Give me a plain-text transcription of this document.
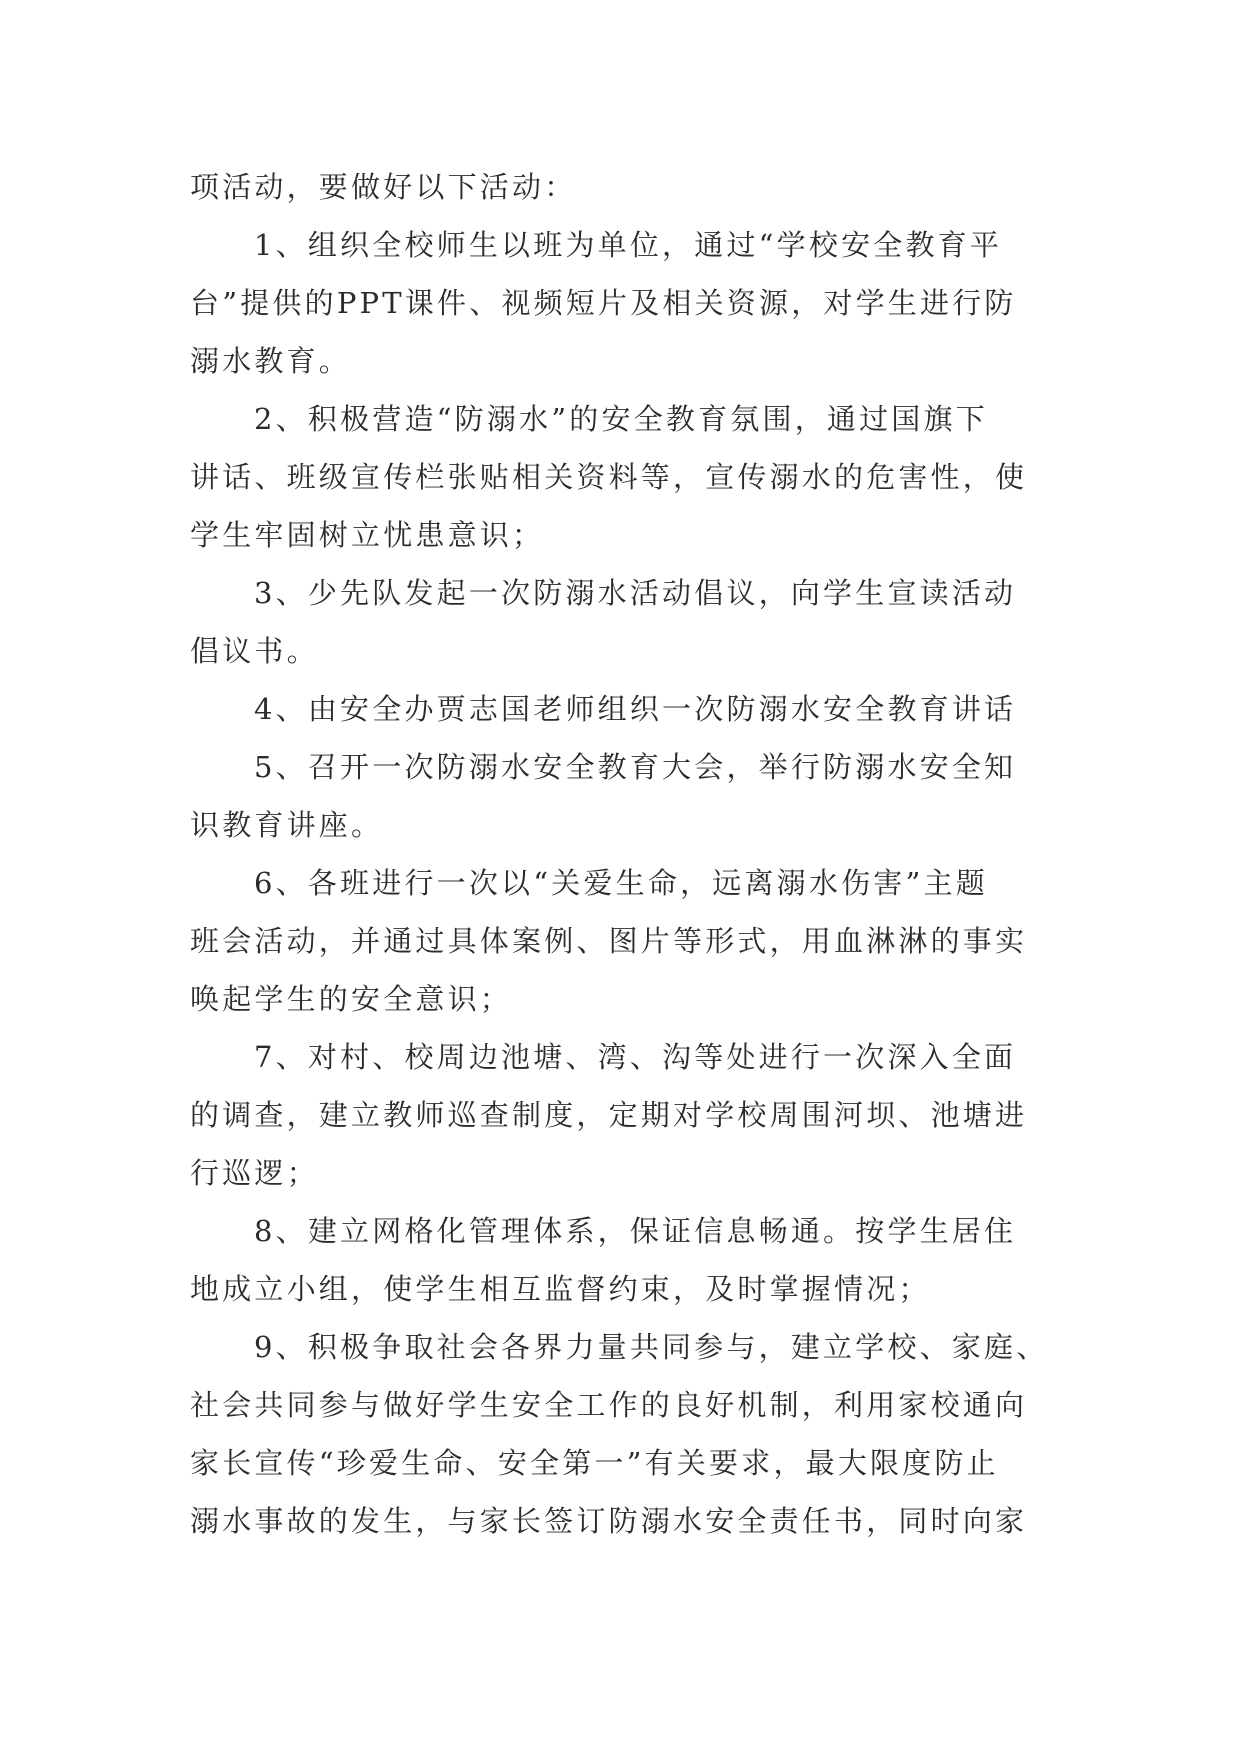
项活动，要做好以下活动：
1、组织全校师生以班为单位，通过“学校安全教育平
台”提供的PPT课件、视频短片及相关资源，对学生进行防
溺水教育。
2、积极营造“防溺水”的安全教育氛围，通过国旗下
讲话、班级宣传栏张贴相关资料等，宣传溺水的危害性，使
学生牢固树立忧患意识；
3、少先队发起一次防溺水活动倡议，向学生宣读活动
倡议书。
4、由安全办贾志国老师组织一次防溺水安全教育讲话
5、召开一次防溺水安全教育大会，举行防溺水安全知
识教育讲座。
6、各班进行一次以“关爱生命，远离溺水伤害”主题
班会活动，并通过具体案例、图片等形式，用血淋淋的事实
唤起学生的安全意识；
7、对村、校周边池塘、湾、沟等处进行一次深入全面
的调查，建立教师巡查制度，定期对学校周围河坝、池塘进
行巡逻；
8、建立网格化管理体系，保证信息畅通。按学生居住
地成立小组，使学生相互监督约束，及时掌握情况；
9、积极争取社会各界力量共同参与，建立学校、家庭、
社会共同参与做好学生安全工作的良好机制，利用家校通向
家长宣传“珍爱生命、安全第一”有关要求，最大限度防止
溺水事故的发生，与家长签订防溺水安全责任书，同时向家
